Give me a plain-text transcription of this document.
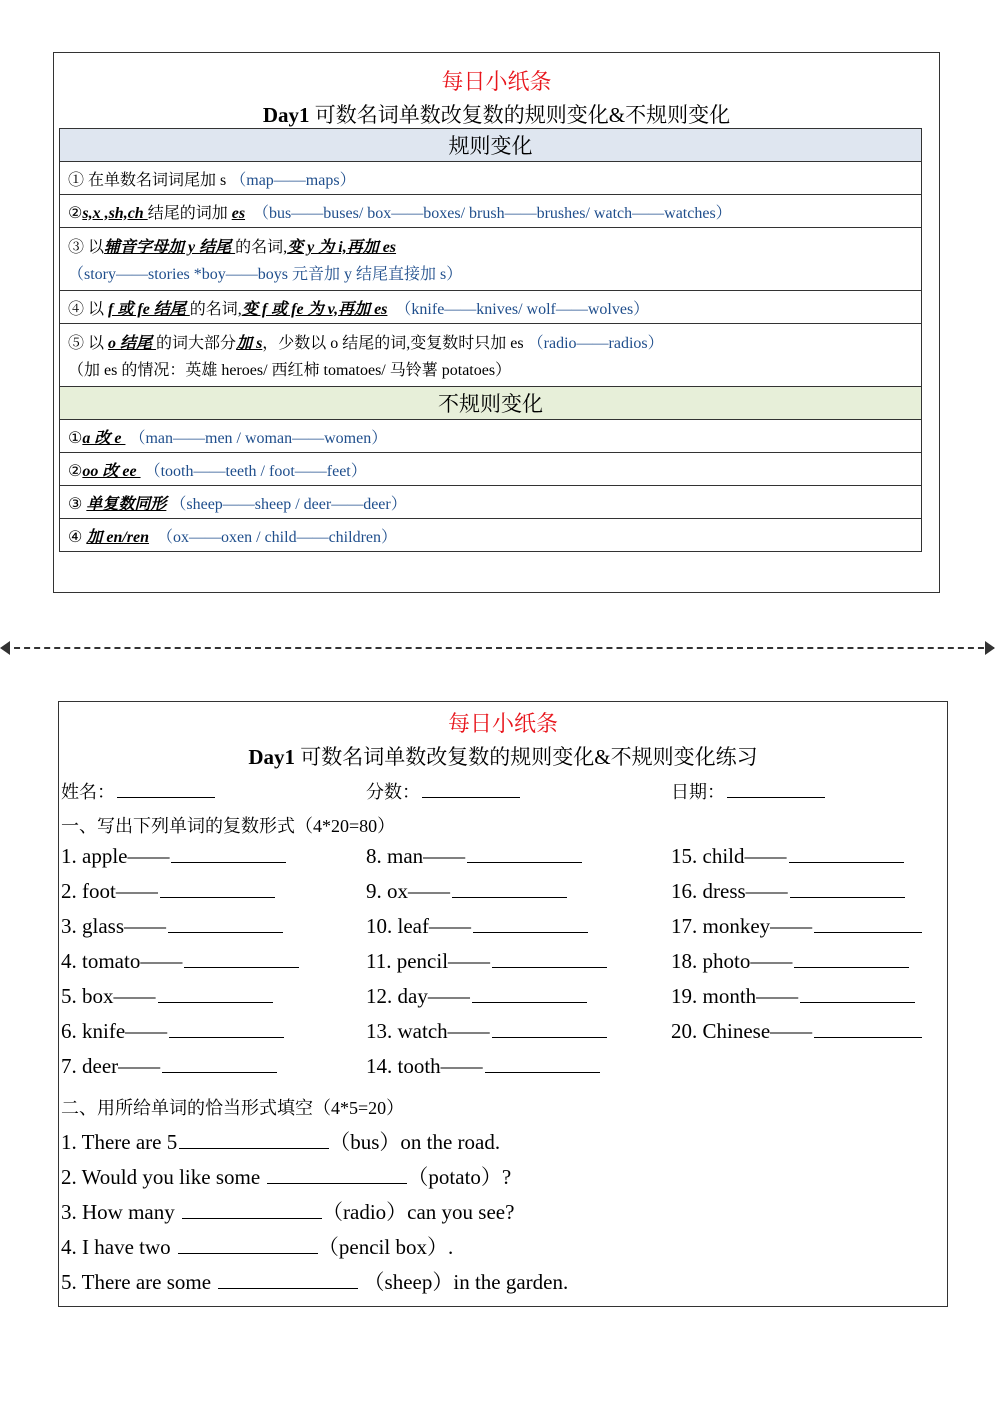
每日小纸条
Day1 可数名词单数改复数的规则变化&不规则变化
规则变化
① 在单数名词词尾加 s （map——maps）
②s,x ,sh,ch 结尾的词加 es （bus——buses/ box——boxes/ brush——brushes/ watch——watches）
③ 以辅音字母加 y 结尾 的名词,变 y 为 i,再加 es
（story——stories *boy——boys 元音加 y 结尾直接加 s）

④ 以 f 或 fe 结尾 的名词,变 f 或 fe 为 v,再加 es （knife——knives/ wolf——wolves）
⑤ 以 o 结尾 的词大部分加 s，少数以 o 结尾的词,变复数时只加 es （radio——radios）
（加 es 的情况：英雄 heroes/ 西红柿 tomatoes/ 马铃薯 potatoes）

不规则变化
①a 改 e  （man——men / woman——women）
②oo 改 ee  （tooth——teeth / foot——feet）
③ 单复数同形 （sheep——sheep / deer——deer）
④ 加 en/ren （ox——oxen / child——children）
每日小纸条
Day1 可数名词单数改复数的规则变化&不规则变化练习
姓名：	分数：	日期：
一、写出下列单词的复数形式（4*20=80）
1. apple——
2. foot——
3. glass——
4. tomato——
5. box——
6. knife——
7. deer——
8. man——
9. ox——
10. leaf——
11. pencil——
12. day——
13. watch——
14. tooth——
15. child——
16. dress——
17. monkey——
18. photo——
19. month——
20. Chinese——
二、用所给单词的恰当形式填空（4*5=20）
1. There are 5	（bus）on the road.
2. Would you like some	（potato）?
3. How many	（radio）can you see?
4. I have two	（pencil box）.
5. There are some	（sheep）in the garden.
